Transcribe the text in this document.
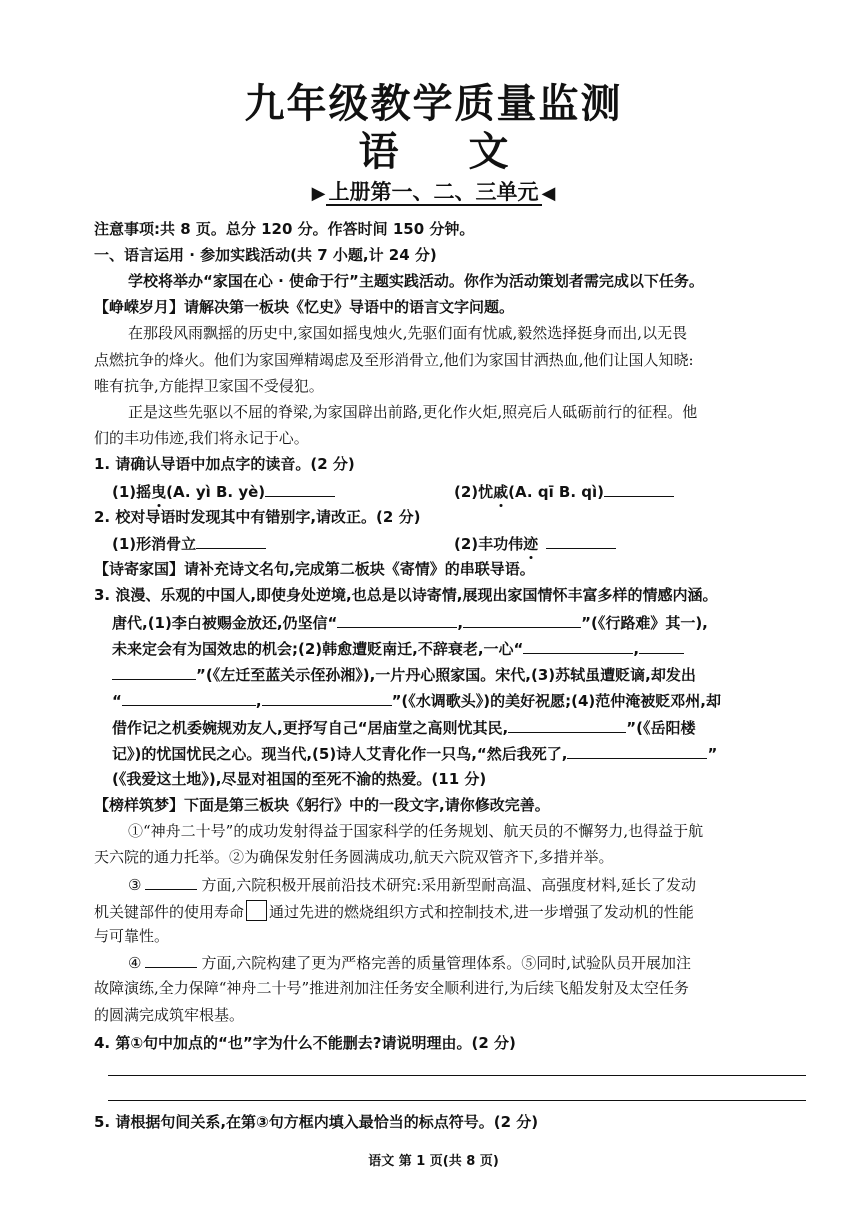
九年级教学质量监测
语文
▶ 上册第一、二、三单元 ◀
注意事项:共 8 页。总分 120 分。作答时间 150 分钟。
一、语言运用 · 参加实践活动(共 7 小题,计 24 分)
学校将举办“家国在心 · 使命于行”主题实践活动。你作为活动策划者需完成以下任务。
【峥嵘岁月】请解决第一板块《忆史》导语中的语言文字问题。
在那段风雨飘摇的历史中,家国如摇曳烛火,先驱们面有忧戚,毅然选择挺身而出,以无畏
点燃抗争的烽火。他们为家国殚精竭虑及至形消骨立,他们为家国甘洒热血,他们让国人知晓:
唯有抗争,方能捍卫家国不受侵犯。
正是这些先驱以不屈的脊梁,为家国辟出前路,更化作火炬,照亮后人砥砺前行的征程。他
们的丰功伟迹,我们将永记于心。
1. 请确认导语中加点字的读音。(2 分)
(1)摇曳(A. yì B. yè)	(2)忧戚(A. qī B. qì)
2. 校对导语时发现其中有错别字,请改正。(2 分)
(1)形消骨立	(2)丰功伟迹
【诗寄家国】请补充诗文名句,完成第二板块《寄情》的串联导语。
3. 浪漫、乐观的中国人,即使身处逆境,也总是以诗寄情,展现出家国情怀丰富多样的情感内涵。
唐代,(1)李白被赐金放还,仍坚信“	,	”(《行路难》其一),
未来定会有为国效忠的机会;(2)韩愈遭贬南迁,不辞衰老,一心“	,
”(《左迁至蓝关示侄孙湘》),一片丹心照家国。宋代,(3)苏轼虽遭贬谪,却发出
“	,	”(《水调歌头》)的美好祝愿;(4)范仲淹被贬邓州,却
借作记之机委婉规劝友人,更抒写自己“居庙堂之高则忧其民,	”(《岳阳楼
记》)的忧国忧民之心。现当代,(5)诗人艾青化作一只鸟,“然后我死了,	”
(《我爱这土地》),尽显对祖国的至死不渝的热爱。(11 分)
【榜样筑梦】下面是第三板块《躬行》中的一段文字,请你修改完善。
①“神舟二十号”的成功发射得益于国家科学的任务规划、航天员的不懈努力,也得益于航
天六院的通力托举。②为确保发射任务圆满成功,航天六院双管齐下,多措并举。
③	方面,六院积极开展前沿技术研究:采用新型耐高温、高强度材料,延长了发动
机关键部件的使用寿命 通过先进的燃烧组织方式和控制技术,进一步增强了发动机的性能
与可靠性。
④	方面,六院构建了更为严格完善的质量管理体系。⑤同时,试验队员开展加注
故障演练,全力保障“神舟二十号”推进剂加注任务安全顺利进行,为后续飞船发射及太空任务
的圆满完成筑牢根基。
4. 第①句中加点的“也”字为什么不能删去?请说明理由。(2 分)
5. 请根据句间关系,在第③句方框内填入最恰当的标点符号。(2 分)
语文 第 1 页(共 8 页)
